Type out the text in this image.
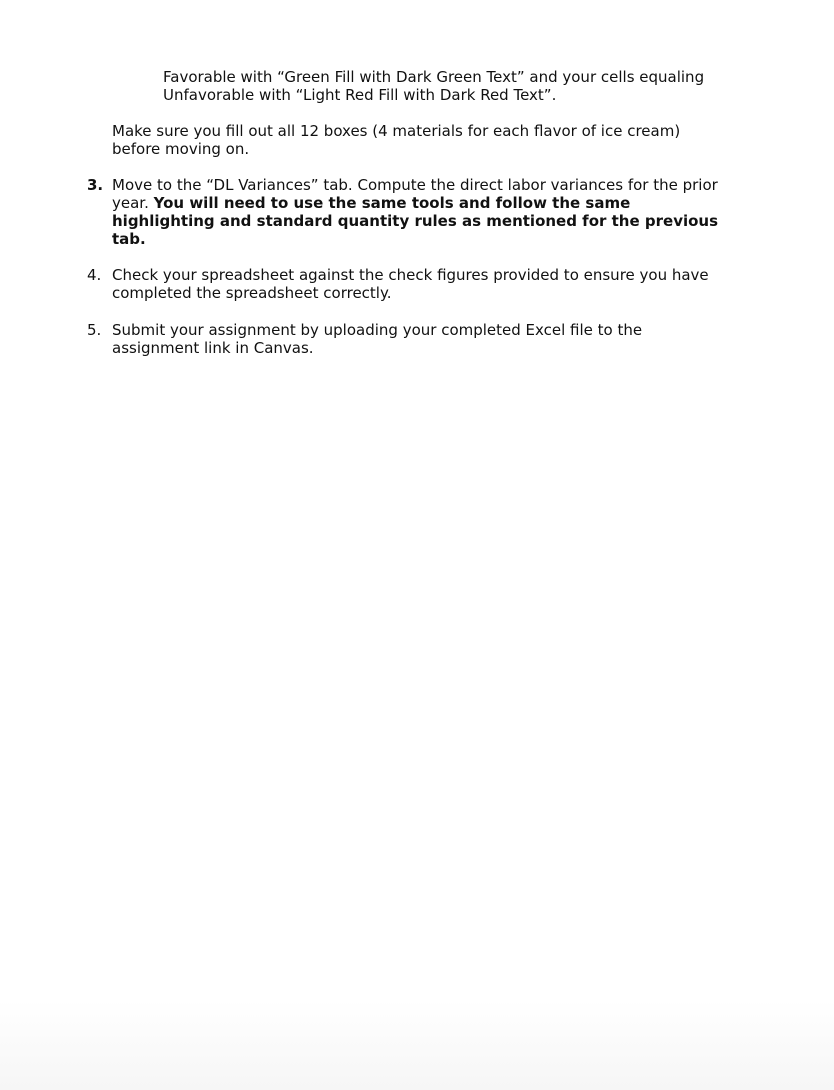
Favorable with “Green Fill with Dark Green Text” and your cells equaling
Unfavorable with “Light Red Fill with Dark Red Text”.

Make sure you fill out all 12 boxes (4 materials for each flavor of ice cream)
before moving on.

3. Move to the “DL Variances” tab. Compute the direct labor variances for the prior
year. You will need to use the same tools and follow the same
highlighting and standard quantity rules as mentioned for the previous
tab.

4. Check your spreadsheet against the check figures provided to ensure you have
completed the spreadsheet correctly.

5. Submit your assignment by uploading your completed Excel file to the
assignment link in Canvas.
